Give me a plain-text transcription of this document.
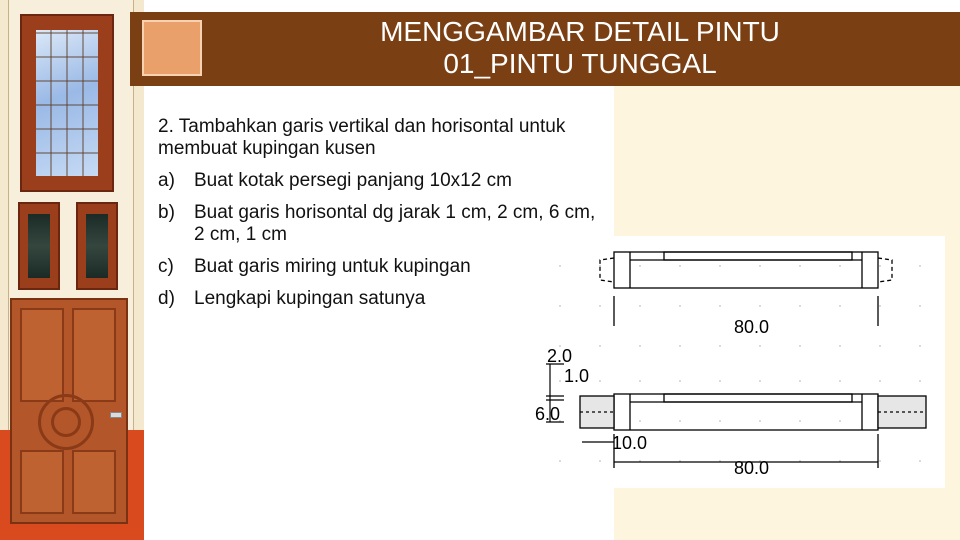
MENGGAMBAR DETAIL PINTU
01_PINTU TUNGGAL

2. Tambahkan garis vertikal dan horisontal untuk membuat kupingan kusen

a) Buat kotak persegi panjang 10x12 cm
b) Buat garis horisontal dg jarak 1 cm, 2 cm, 6 cm, 2 cm, 1 cm
c) Buat garis miring untuk kupingan
d) Lengkapi kupingan satunya
80.0
2.0
1.0
6.0
10.0
80.0
